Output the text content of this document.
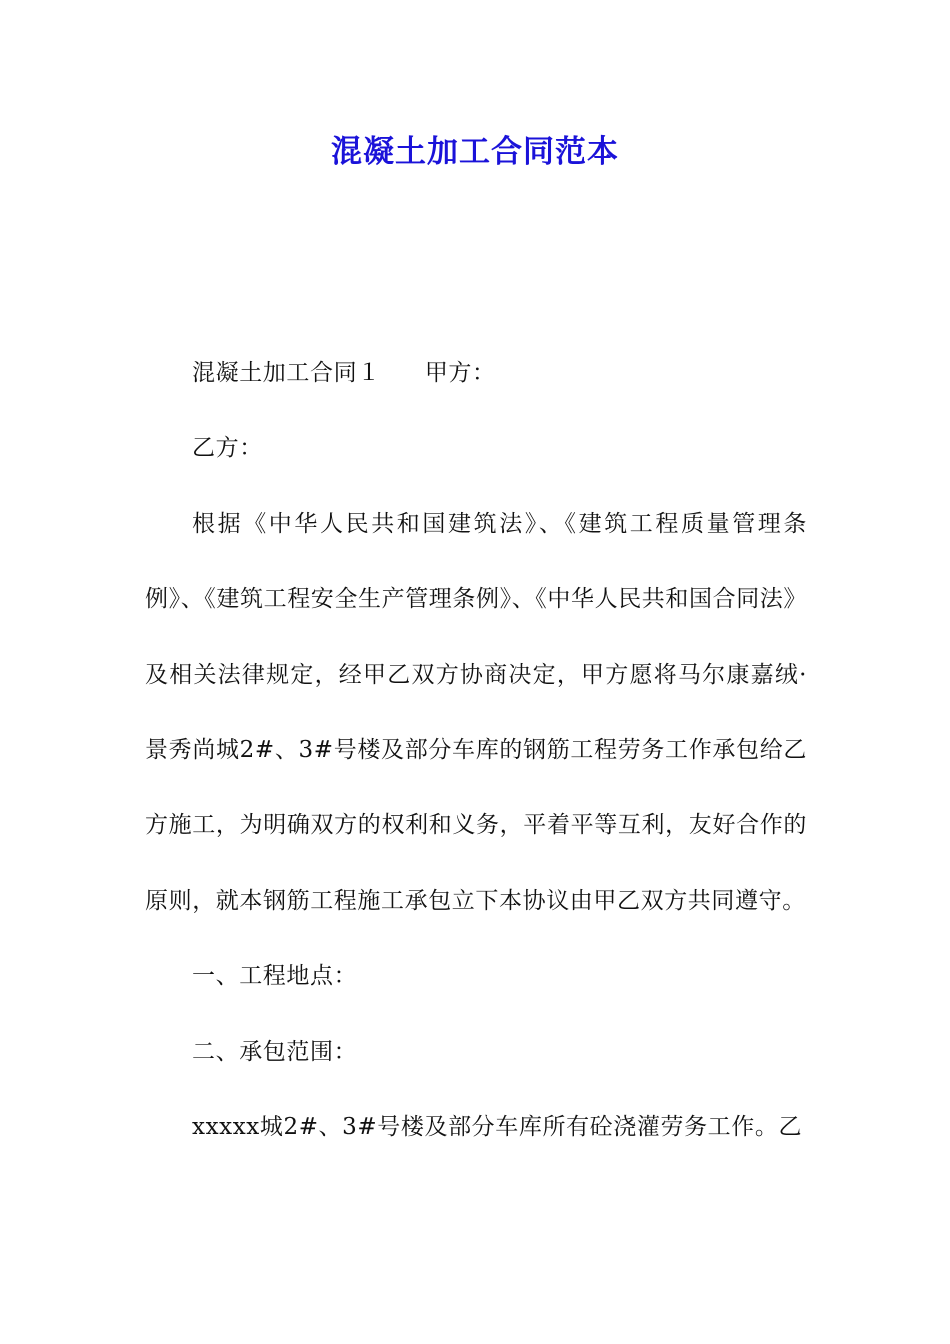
混凝土加工合同范本

混凝土加工合同１ 甲方：

乙方：

根据《中华人民共和国建筑法》、《建筑工程质量管理条例》、《建筑工程安全生产管理条例》、《中华人民共和国合同法》及相关法律规定，经甲乙双方协商决定，甲方愿将马尔康嘉绒·景秀尚城2#、3#号楼及部分车库的钢筋工程劳务工作承包给乙方施工，为明确双方的权利和义务，平着平等互利，友好合作的原则，就本钢筋工程施工承包立下本协议由甲乙双方共同遵守。

一、工程地点：

二、承包范围：

xxxxx城2#、3#号楼及部分车库所有砼浇灌劳务工作。乙
